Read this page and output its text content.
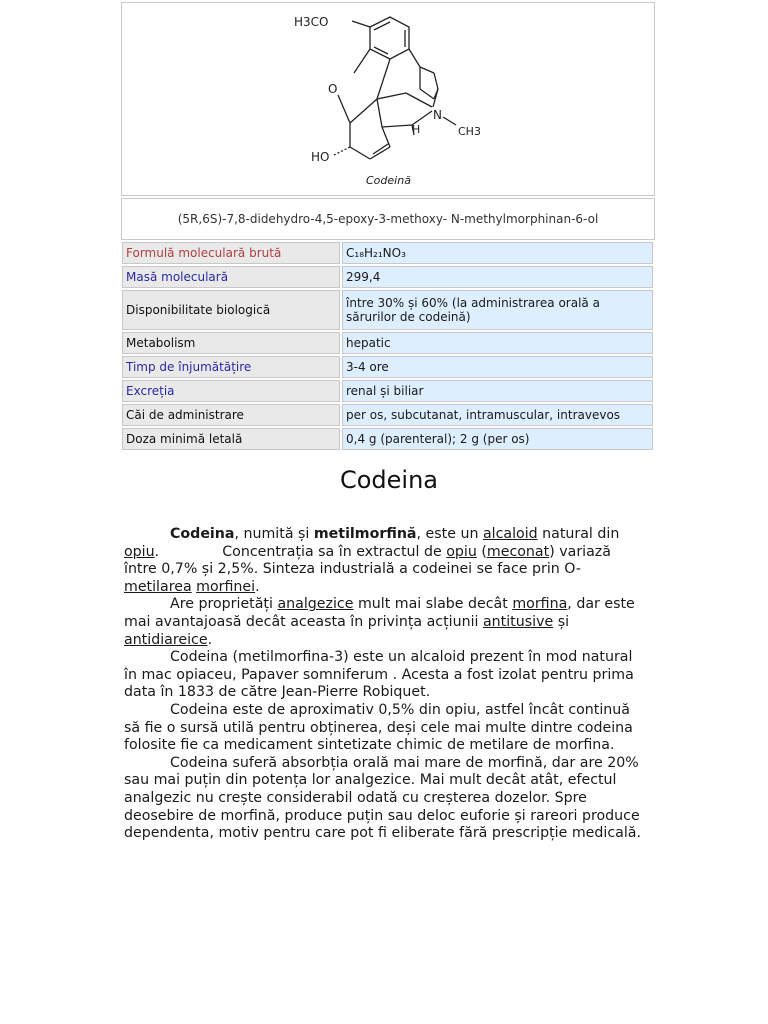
H3CO
O
N
H	CH3
HO
Codeină
(5R,6S)-7,8-didehydro-4,5-epoxy-3-methoxy- N-methylmorphinan-6-ol
Formulă moleculară brută	C₁₈H₂₁NO₃
Masă moleculară	299,4
Disponibilitate biologică	între 30% și 60% (la administrarea orală a sărurilor de codeină)
Metabolism	hepatic
Timp de înjumătățire	3-4 ore
Excreția	renal și biliar
Căi de administrare	per os, subcutanat, intramuscular, intravevos
Doza minimă letală	0,4 g (parenteral); 2 g (per os)
Codeina

Codeina, numită și metilmorfină, este un alcaloid natural din opiu.              Concentrația sa în extractul de opiu (meconat) variază între 0,7% și 2,5%. Sinteza industrială a codeinei se face prin O-metilarea morfinei.

Are proprietăți analgezice mult mai slabe decât morfina, dar este mai avantajoasă decât aceasta în privința acțiunii antitusive și antidiareice.

Codeina (metilmorfina-3) este un alcaloid prezent în mod natural în mac opiaceu, Papaver somniferum . Acesta a fost izolat pentru prima data în 1833 de către Jean-Pierre Robiquet.

Codeina este de aproximativ 0,5% din opiu, astfel încât continuă să fie o sursă utilă pentru obținerea, deși cele mai multe dintre codeina folosite fie ca medicament sintetizate chimic de metilare de morfina.

Codeina suferă absorbția orală mai mare de morfină, dar are 20% sau mai puțin din potența lor analgezice. Mai mult decât atât, efectul analgezic nu crește considerabil odată cu creșterea dozelor. Spre deosebire de morfină, produce puțin sau deloc euforie și rareori produce dependenta, motiv pentru care pot fi eliberate fără prescripție medicală.
